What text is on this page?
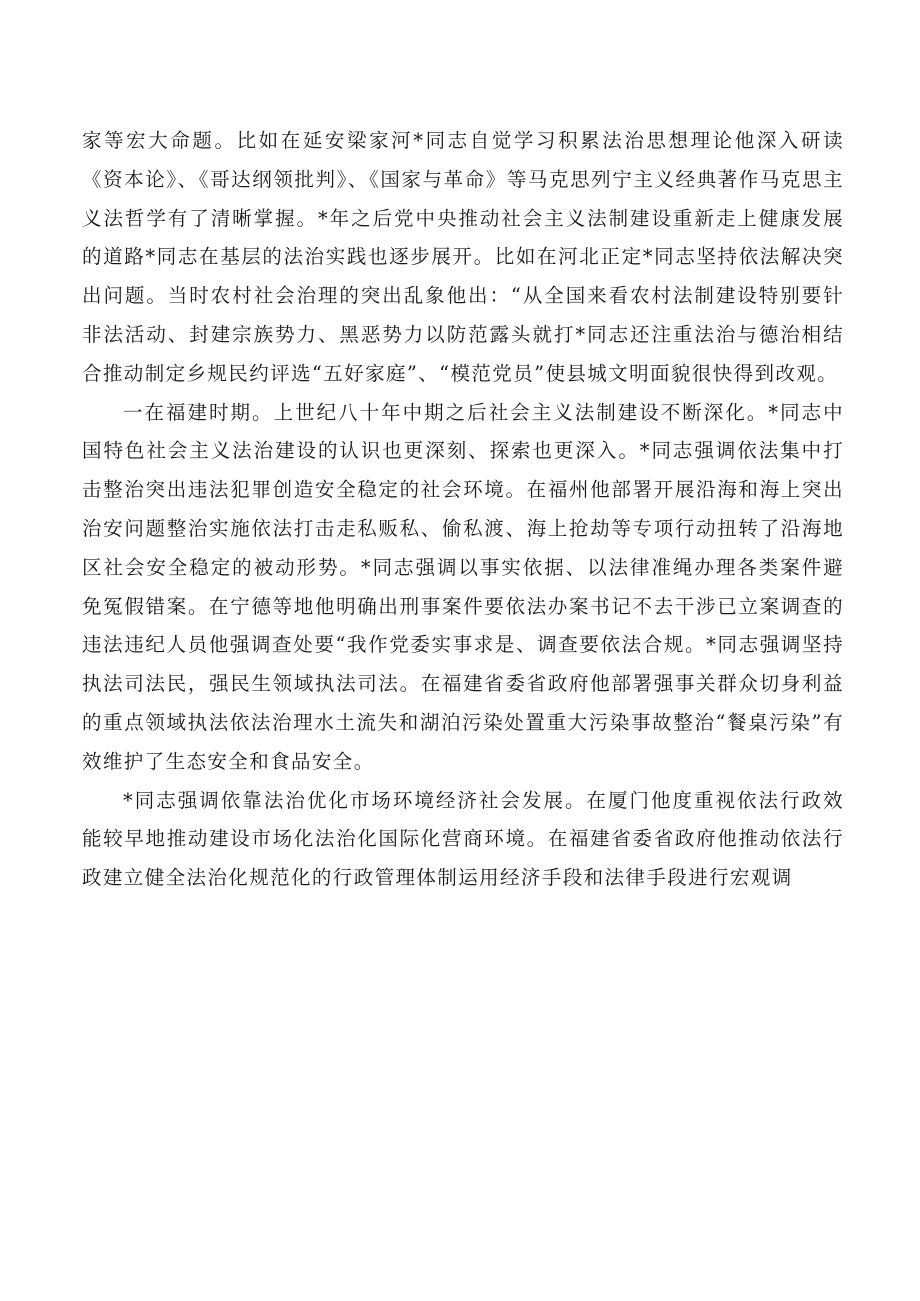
家等宏大命题。比如在延安梁家河*同志自觉学习积累法治思想理论他深入研读《资本论》、《哥达纲领批判》、《国家与革命》等马克思列宁主义经典著作马克思主义法哲学有了清晰掌握。*年之后党中央推动社会主义法制建设重新走上健康发展的道路*同志在基层的法治实践也逐步展开。比如在河北正定*同志坚持依法解决突出问题。当时农村社会治理的突出乱象他出：“从全国来看农村法制建设特别要针非法活动、封建宗族势力、黑恶势力以防范露头就打*同志还注重法治与德治相结合推动制定乡规民约评选“五好家庭”、“模范党员”使县城文明面貌很快得到改观。

一在福建时期。上世纪八十年中期之后社会主义法制建设不断深化。*同志中国特色社会主义法治建设的认识也更深刻、探索也更深入。*同志强调依法集中打击整治突出违法犯罪创造安全稳定的社会环境。在福州他部署开展沿海和海上突出治安问题整治实施依法打击走私贩私、偷私渡、海上抢劫等专项行动扭转了沿海地区社会安全稳定的被动形势。*同志强调以事实依据、以法律准绳办理各类案件避免冤假错案。在宁德等地他明确出刑事案件要依法办案书记不去干涉已立案调查的违法违纪人员他强调查处要“我作党委实事求是、调查要依法合规。*同志强调坚持执法司法民，强民生领域执法司法。在福建省委省政府他部署强事关群众切身利益的重点领域执法依法治理水土流失和湖泊污染处置重大污染事故整治“餐桌污染”有效维护了生态安全和食品安全。

*同志强调依靠法治优化市场环境经济社会发展。在厦门他度重视依法行政效能较早地推动建设市场化法治化国际化营商环境。在福建省委省政府他推动依法行政建立健全法治化规范化的行政管理体制运用经济手段和法律手段进行宏观调
